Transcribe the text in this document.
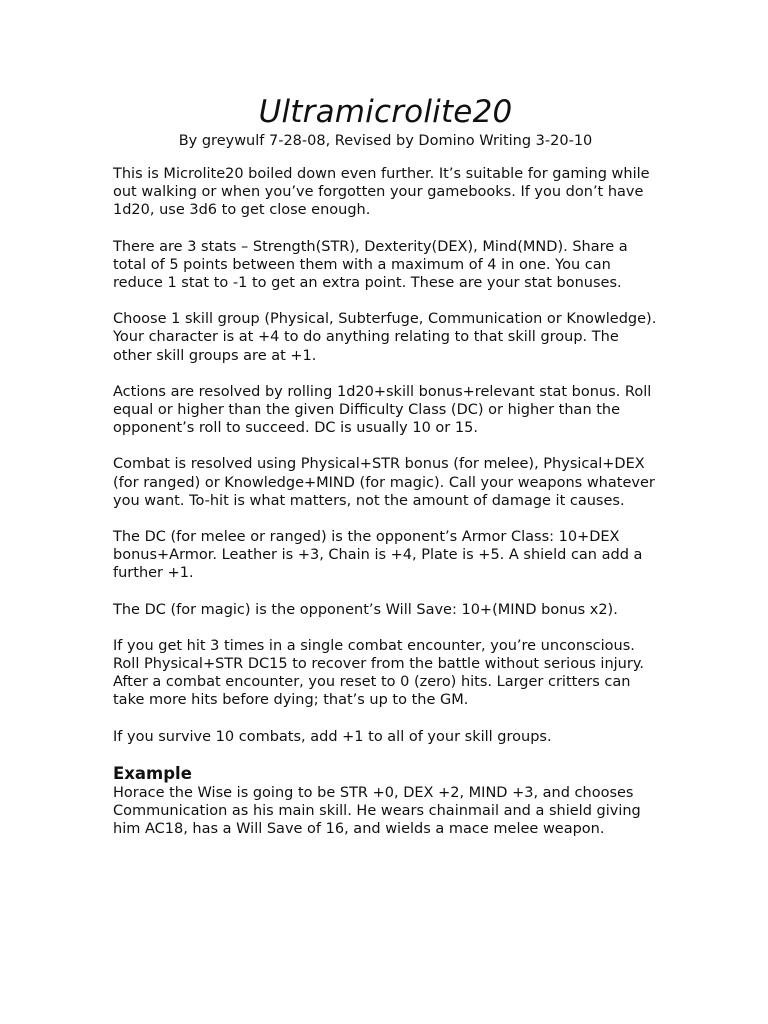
Ultramicrolite20

By greywulf 7-28-08, Revised by Domino Writing 3-20-10

This is Microlite20 boiled down even further. It’s suitable for gaming while out walking or when you’ve forgotten your gamebooks. If you don’t have 1d20, use 3d6 to get close enough.

There are 3 stats – Strength(STR), Dexterity(DEX), Mind(MND). Share a total of 5 points between them with a maximum of 4 in one. You can reduce 1 stat to -1 to get an extra point. These are your stat bonuses.

Choose 1 skill group (Physical, Subterfuge, Communication or Knowledge). Your character is at +4 to do anything relating to that skill group. The other skill groups are at +1.

Actions are resolved by rolling 1d20+skill bonus+relevant stat bonus. Roll equal or higher than the given Difficulty Class (DC) or higher than the opponent’s roll to succeed. DC is usually 10 or 15.

Combat is resolved using Physical+STR bonus (for melee), Physical+DEX (for ranged) or Knowledge+MIND (for magic). Call your weapons whatever you want. To-hit is what matters, not the amount of damage it causes.

The DC (for melee or ranged) is the opponent’s Armor Class: 10+DEX bonus+Armor. Leather is +3, Chain is +4, Plate is +5. A shield can add a further +1.

The DC (for magic) is the opponent’s Will Save: 10+(MIND bonus x2).

If you get hit 3 times in a single combat encounter, you’re unconscious. Roll Physical+STR DC15 to recover from the battle without serious injury. After a combat encounter, you reset to 0 (zero) hits. Larger critters can take more hits before dying; that’s up to the GM.

If you survive 10 combats, add +1 to all of your skill groups.

Example

Horace the Wise is going to be STR +0, DEX +2, MIND +3, and chooses Communication as his main skill. He wears chainmail and a shield giving him AC18, has a Will Save of 16, and wields a mace melee weapon.
